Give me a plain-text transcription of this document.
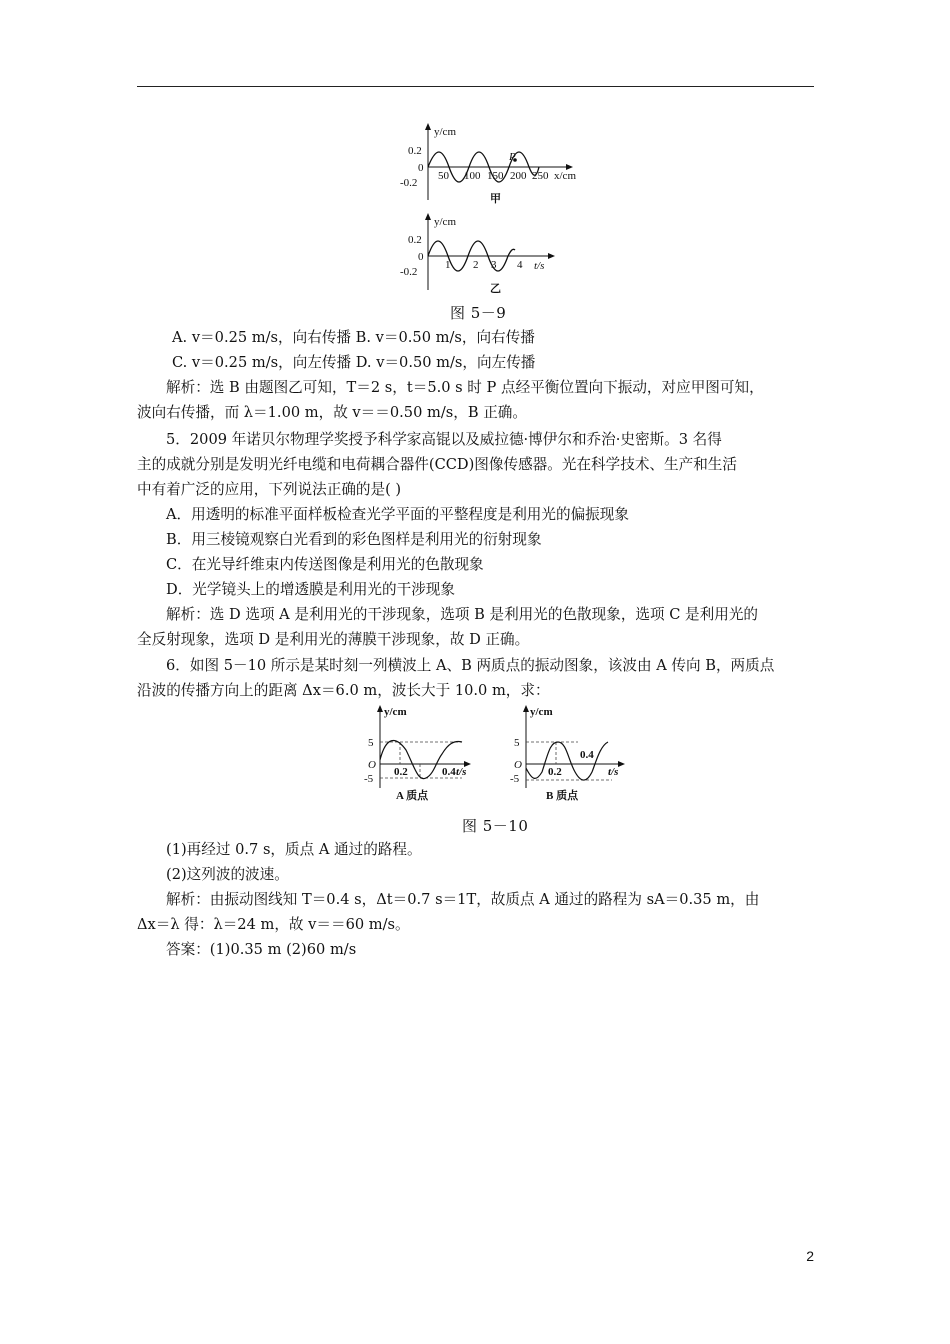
y/cm
0.2
0
-0.2
50 100 150 200 250
P
x/cm
甲
y/cm
0.2
0
-0.2
1 2 3 4 t/s
乙
图 5－9
A. v＝0.25 m/s，向右传播 B. v＝0.50 m/s，向右传播
C. v＝0.25 m/s，向左传播 D. v＝0.50 m/s，向左传播
解析：选 B 由题图乙可知，T＝2 s，t＝5.0 s 时 P 点经平衡位置向下振动，对应甲图可知，
波向右传播，而 λ＝1.00 m，故 v＝＝0.50 m/s，B 正确。
5．2009 年诺贝尔物理学奖授予科学家高锟以及威拉德·博伊尔和乔治·史密斯。3 名得
主的成就分别是发明光纤电缆和电荷耦合器件(CCD)图像传感器。光在科学技术、生产和生活
中有着广泛的应用，下列说法正确的是( )
A．用透明的标准平面样板检查光学平面的平整程度是利用光的偏振现象
B．用三棱镜观察白光看到的彩色图样是利用光的衍射现象
C．在光导纤维束内传送图像是利用光的色散现象
D．光学镜头上的增透膜是利用光的干涉现象
解析：选 D 选项 A 是利用光的干涉现象，选项 B 是利用光的色散现象，选项 C 是利用光的
全反射现象，选项 D 是利用光的薄膜干涉现象，故 D 正确。
6．如图 5－10 所示是某时刻一列横波上 A、B 两质点的振动图象，该波由 A 传向 B，两质点
沿波的传播方向上的距离 Δx＝6.0 m，波长大于 10.0 m，求：
y/cm
5
O
-5
0.2	0.4 t/s
A 质点
y/cm
5
O
-5
0.2
0.4
t/s
B 质点
图 5－10
(1)再经过 0.7 s，质点 A 通过的路程。
(2)这列波的波速。
解析：由振动图线知 T＝0.4 s，Δt＝0.7 s＝1T，故质点 A 通过的路程为 sA＝0.35 m，由
Δx＝λ 得：λ＝24 m，故 v＝＝60 m/s。
答案：(1)0.35 m (2)60 m/s
2
